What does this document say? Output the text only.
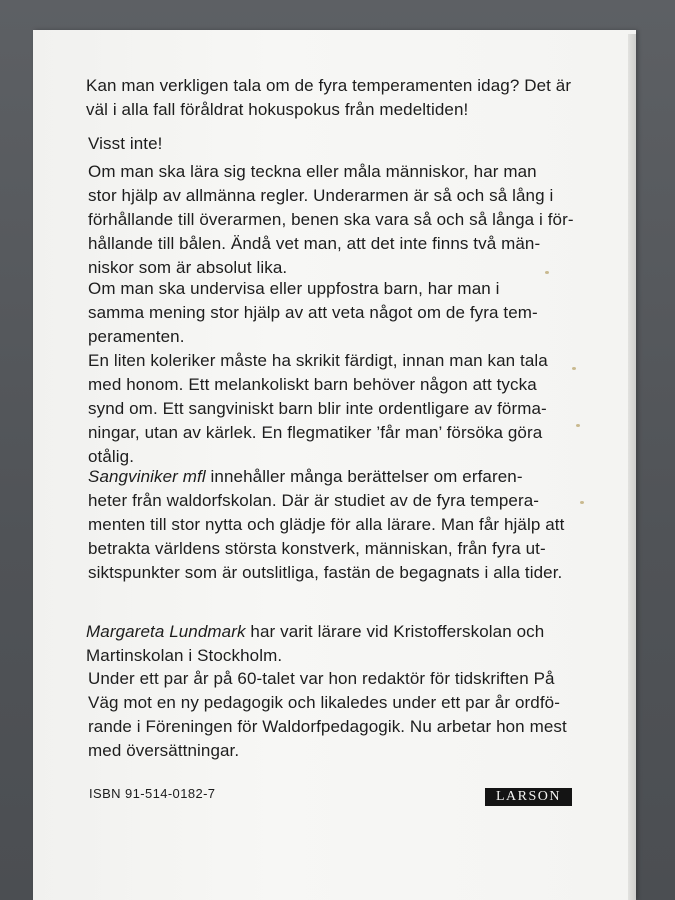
Kan man verkligen tala om de fyra temperamenten idag? Det är
väl i alla fall föråldrat hokuspokus från medeltiden!

Visst inte!

Om man ska lära sig teckna eller måla människor, har man
stor hjälp av allmänna regler. Underarmen är så och så lång i
förhållande till överarmen, benen ska vara så och så långa i för-
hållande till bålen. Ändå vet man, att det inte finns två män-
niskor som är absolut lika.

Om man ska undervisa eller uppfostra barn, har man i
samma mening stor hjälp av att veta något om de fyra tem-
peramenten.

En liten koleriker måste ha skrikit färdigt, innan man kan tala
med honom. Ett melankoliskt barn behöver någon att tycka
synd om. Ett sangviniskt barn blir inte ordentligare av förma-
ningar, utan av kärlek. En flegmatiker ’får man’ försöka göra
otålig.

Sangviniker mfl innehåller många berättelser om erfaren-
heter från waldorfskolan. Där är studiet av de fyra tempera-
menten till stor nytta och glädje för alla lärare. Man får hjälp att
betrakta världens största konstverk, människan, från fyra ut-
siktspunkter som är outslitliga, fastän de begagnats i alla tider.

Margareta Lundmark har varit lärare vid Kristofferskolan och
Martinskolan i Stockholm.

Under ett par år på 60-talet var hon redaktör för tidskriften På
Väg mot en ny pedagogik och likaledes under ett par år ordfö-
rande i Föreningen för Waldorfpedagogik. Nu arbetar hon mest
med översättningar.

ISBN 91-514-0182-7	LARSON
